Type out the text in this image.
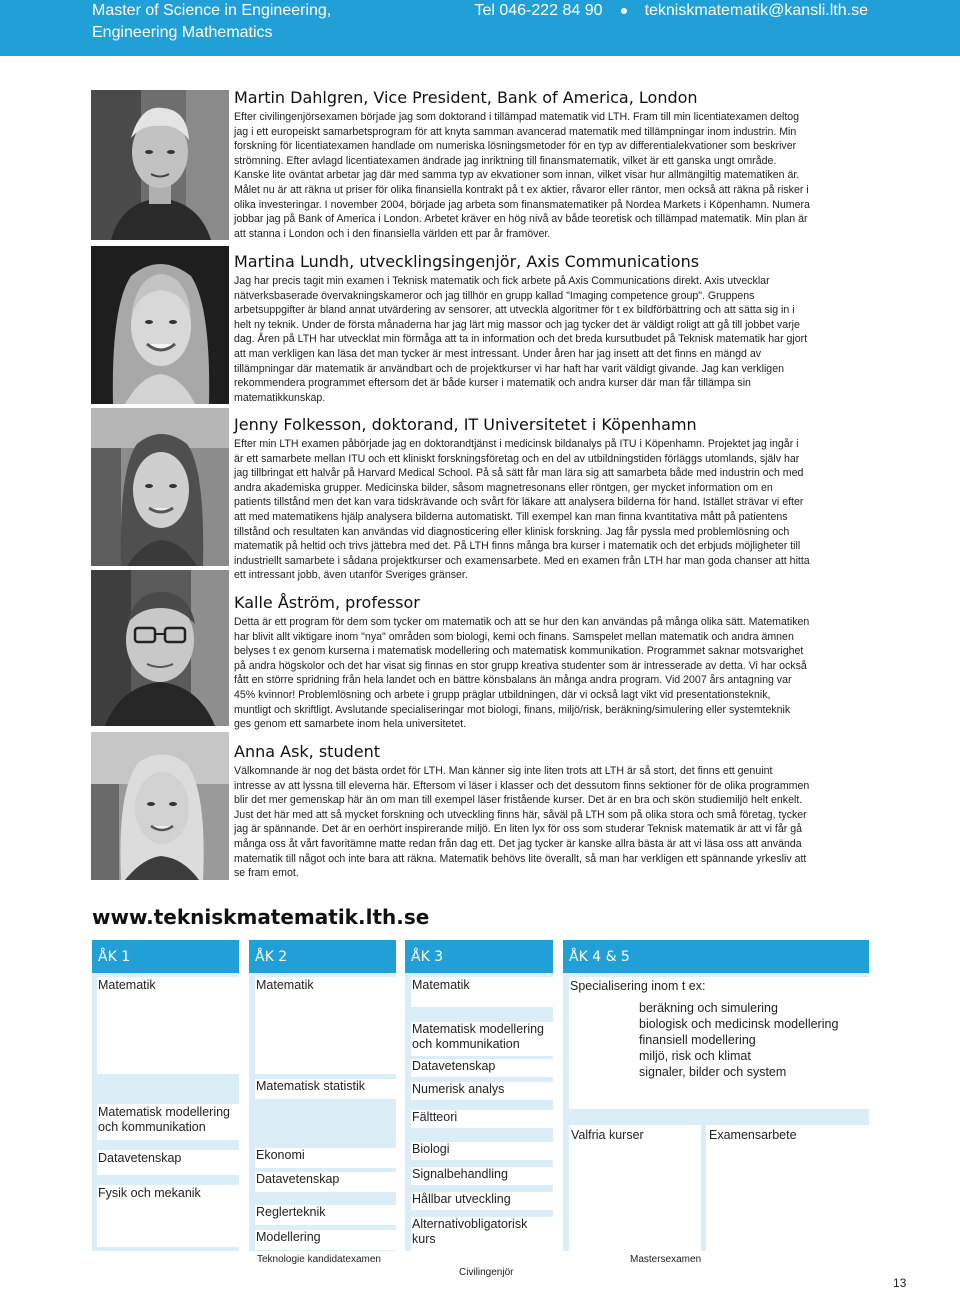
Master of Science in Engineering,
Engineering Mathematics
Tel 046-222 84 90	tekniskmatematik@kansli.lth.se
Martin Dahlgren, Vice President, Bank of America, London

Efter civilingenjörsexamen började jag som doktorand i tillämpad matematik vid LTH. Fram till min licentiatexamen deltog jag i ett europeiskt samarbetsprogram för att knyta samman avancerad matematik med tillämpningar inom industrin. Min forskning för licentiatexamen handlade om numeriska lösningsmetoder för en typ av differentialekvationer som beskriver strömning. Efter avlagd licentiatexamen ändrade jag inriktning till finansmatematik, vilket är ett ganska ungt område. Kanske lite oväntat arbetar jag där med samma typ av ekvationer som innan, vilket visar hur allmängiltig matematiken är. Målet nu är att räkna ut priser för olika finansiella kontrakt på t ex aktier, råvaror eller räntor, men också att räkna på risker i olika investeringar. I november 2004, började jag arbeta som finansmatematiker på Nordea Markets i Köpenhamn. Numera jobbar jag på Bank of America i London. Arbetet kräver en hög nivå av både teoretisk och tillämpad matematik. Min plan är att stanna i London och i den finansiella världen ett par år framöver.

Martina Lundh, utvecklingsingenjör, Axis Communications

Jag har precis tagit min examen i Teknisk matematik och fick arbete på Axis Communications direkt. Axis utvecklar nätverksbaserade övervakningskameror och jag tillhör en grupp kallad "Imaging competence group". Gruppens arbetsuppgifter är bland annat utvärdering av sensorer, att utveckla algoritmer för t ex bildförbättring och att sätta sig in i helt ny teknik. Under de första månaderna har jag lärt mig massor och jag tycker det är väldigt roligt att gå till jobbet varje dag. Åren på LTH har utvecklat min förmåga att ta in information och det breda kursutbudet på Teknisk matematik har gjort att man verkligen kan läsa det man tycker är mest intressant. Under åren har jag insett att det finns en mängd av tillämpningar där matematik är användbart och de projektkurser vi har haft har varit väldigt givande. Jag kan verkligen rekommendera programmet eftersom det är både kurser i matematik och andra kurser där man får tillämpa sin matematikkunskap.

Jenny Folkesson, doktorand, IT Universitetet i Köpenhamn

Efter min LTH examen påbörjade jag en doktorandtjänst i medicinsk bildanalys på ITU i Köpenhamn. Projektet jag ingår i är ett samarbete mellan ITU och ett kliniskt forskningsföretag och en del av utbildningstiden förläggs utomlands, själv har jag tillbringat ett halvår på Harvard Medical School. På så sätt får man lära sig att samarbeta både med industrin och med andra akademiska grupper. Medicinska bilder, såsom magnetresonans eller röntgen, ger mycket information om en patients tillstånd men det kan vara tidskrävande och svårt för läkare att analysera bilderna för hand. Istället strävar vi efter att med matematikens hjälp analysera bilderna automatiskt. Till exempel kan man finna kvantitativa mått på patientens tillstånd och resultaten kan användas vid diagnosticering eller klinisk forskning. Jag får pyssla med problemlösning och matematik på heltid och trivs jättebra med det. På LTH finns många bra kurser i matematik och det erbjuds möjligheter till industriellt samarbete i sådana projektkurser och examensarbete. Med en examen från LTH har man goda chanser att hitta ett intressant jobb, även utanför Sveriges gränser.

Kalle Åström, professor

Detta är ett program för dem som tycker om matematik och att se hur den kan användas på många olika sätt. Matematiken har blivit allt viktigare inom "nya" områden som biologi, kemi och finans. Samspelet mellan matematik och andra ämnen belyses t ex genom kurserna i matematisk modellering och matematisk kommunikation. Programmet saknar motsvarighet på andra högskolor och det har visat sig finnas en stor grupp kreativa studenter som är intresserade av detta. Vi har också fått en större spridning från hela landet och en bättre könsbalans än många andra program. Vid 2007 års antagning var 45% kvinnor! Problemlösning och arbete i grupp präglar utbildningen, där vi också lagt vikt vid presentationsteknik, muntligt och skriftligt. Avslutande specialiseringar mot biologi, finans, miljö/risk, beräkning/simulering eller systemteknik ges genom ett samarbete inom hela universitetet.

Anna Ask, student

Välkomnande är nog det bästa ordet för LTH. Man känner sig inte liten trots att LTH är så stort, det finns ett genuint intresse av att lyssna till eleverna här. Eftersom vi läser i klasser och det dessutom finns sektioner för de olika programmen blir det mer gemenskap här än om man till exempel läser fristående kurser. Det är en bra och skön studiemiljö helt enkelt. Just det här med att så mycket forskning och utveckling finns här, såväl på LTH som på olika stora och små företag, tycker jag är spännande. Det är en oerhört inspirerande miljö. En liten lyx för oss som studerar Teknisk matematik är att vi får gå många oss åt vårt favoritämne matte redan från dag ett. Det jag tycker är kanske allra bästa är att vi läsa oss att använda matematik till något och inte bara att räkna. Matematik behövs lite överallt, så man har verkligen ett spännande yrkesliv att se fram emot.

www.tekniskmatematik.lth.se
ÅK 1
Matematik
Matematisk modellering och kommunikation
Datavetenskap
Fysik och mekanik
ÅK 2
Matematik
Matematisk statistik
Ekonomi
Datavetenskap
Reglerteknik
Modellering
ÅK 3
Matematik
Matematisk modellering och kommunikation
Datavetenskap
Numerisk analys
Fältteori
Biologi
Signalbehandling
Hållbar utveckling
Alternativobligatorisk kurs
ÅK 4 & 5
Specialisering inom t ex:
beräkning och simulering
biologisk och medicinsk modellering
finansiell modellering
miljö, risk och klimat
signaler, bilder och system
Valfria kurser	Examensarbete
Teknologie kandidatexamen
Civilingenjör
Mastersexamen
13
